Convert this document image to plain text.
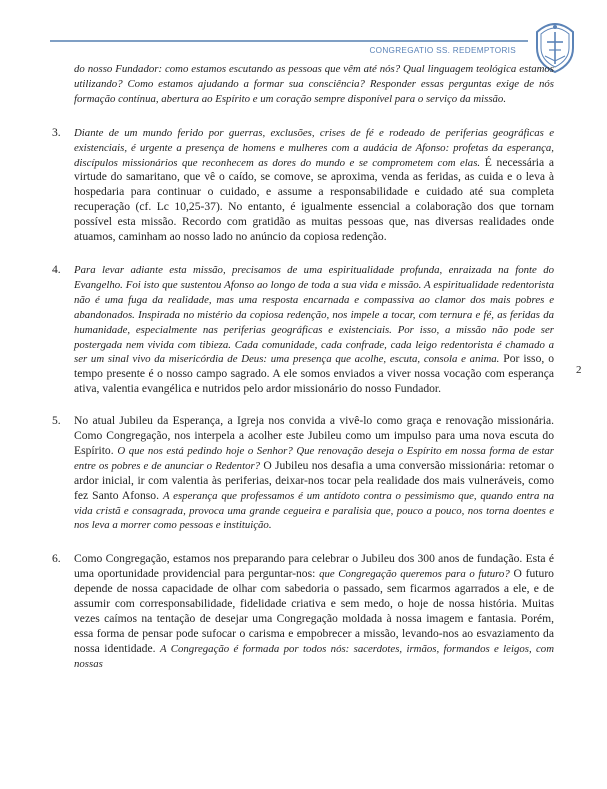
CONGREGATIO SS. REDEMPTORIS
2

do nosso Fundador: como estamos escutando as pessoas que vêm até nós? Qual linguagem teológica estamos utilizando? Como estamos ajudando a formar sua consciência? Responder essas perguntas exige de nós formação contínua, abertura ao Espírito e um coração sempre disponível para o serviço da missão.

3. Diante de um mundo ferido por guerras, exclusões, crises de fé e rodeado de periferias geográficas e existenciais, é urgente a presença de homens e mulheres com a audácia de Afonso: profetas da esperança, discípulos missionários que reconhecem as dores do mundo e se comprometem com elas. É necessária a virtude do samaritano, que vê o caído, se comove, se aproxima, venda as feridas, as cuida e o leva à hospedaria para continuar o cuidado, e assume a responsabilidade e cuidado até sua completa recuperação (cf. Lc 10,25-37). No entanto, é igualmente essencial a colaboração dos que tornam possível esta missão. Recordo com gratidão as muitas pessoas que, nas diversas realidades onde atuamos, caminham ao nosso lado no anúncio da copiosa redenção.

4. Para levar adiante esta missão, precisamos de uma espiritualidade profunda, enraizada na fonte do Evangelho. Foi isto que sustentou Afonso ao longo de toda a sua vida e missão. A espiritualidade redentorista não é uma fuga da realidade, mas uma resposta encarnada e compassiva ao clamor dos mais pobres e abandonados. Inspirada no mistério da copiosa redenção, nos impele a tocar, com ternura e fé, as feridas da humanidade, especialmente nas periferias geográficas e existenciais. Por isso, a missão não pode ser postergada nem vivida com tibieza. Cada comunidade, cada confrade, cada leigo redentorista é chamado a ser um sinal vivo da misericórdia de Deus: uma presença que acolhe, escuta, consola e anima. Por isso, o tempo presente é o nosso campo sagrado. A ele somos enviados a viver nossa vocação com esperança ativa, valentia evangélica e nutridos pelo ardor missionário do nosso Fundador.

5. No atual Jubileu da Esperança, a Igreja nos convida a vivê-lo como graça e renovação missionária. Como Congregação, nos interpela a acolher este Jubileu como um impulso para uma nova escuta do Espírito. O que nos está pedindo hoje o Senhor? Que renovação deseja o Espírito em nossa forma de estar entre os pobres e de anunciar o Redentor? O Jubileu nos desafia a uma conversão missionária: retomar o ardor inicial, ir com valentia às periferias, deixar-nos tocar pela realidade dos mais vulneráveis, como fez Santo Afonso. A esperança que professamos é um antídoto contra o pessimismo que, quando entra na vida cristã e consagrada, provoca uma grande cegueira e paralisia que, pouco a pouco, nos torna doentes e nos leva a morrer como pessoas e instituição.

6. Como Congregação, estamos nos preparando para celebrar o Jubileu dos 300 anos de fundação. Esta é uma oportunidade providencial para perguntar-nos: que Congregação queremos para o futuro? O futuro depende de nossa capacidade de olhar com sabedoria o passado, sem ficarmos agarrados a ele, e de assumir com corresponsabilidade, fidelidade criativa e sem medo, o hoje de nossa história. Muitas vezes caímos na tentação de desejar uma Congregação moldada à nossa imagem e fantasia. Porém, essa forma de pensar pode sufocar o carisma e empobrecer a missão, levando-nos ao esvaziamento da nossa identidade. A Congregação é formada por todos nós: sacerdotes, irmãos, formandos e leigos, com nossas
